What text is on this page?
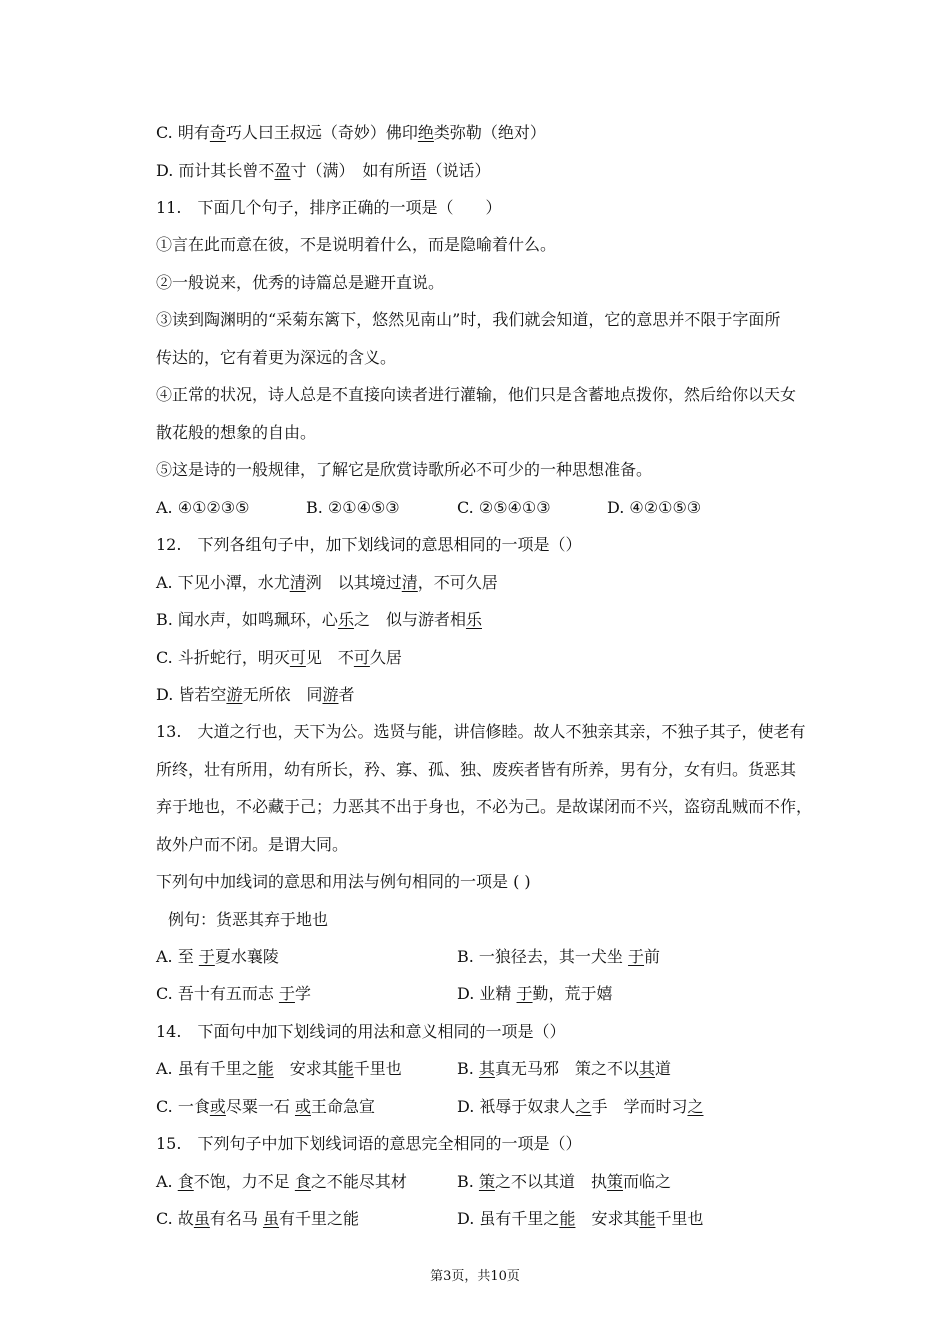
C. 明有奇巧人曰王叔远（奇妙）佛印绝类弥勒（绝对）
D. 而计其长曾不盈寸（满）　如有所语（说话）
11.　下面几个句子，排序正确的一项是（　　）
①言在此而意在彼，不是说明着什么，而是隐喻着什么。
②一般说来，优秀的诗篇总是避开直说。
③读到陶渊明的“采菊东篱下，悠然见南山”时，我们就会知道，它的意思并不限于字面所
传达的，它有着更为深远的含义。
④正常的状况，诗人总是不直接向读者进行灌输，他们只是含蓄地点拨你，然后给你以天女
散花般的想象的自由。
⑤这是诗的一般规律，了解它是欣赏诗歌所必不可少的一种思想准备。
A. ④①②③⑤	B. ②①④⑤③	C. ②⑤④①③	D. ④②①⑤③
12.　下列各组句子中，加下划线词的意思相同的一项是（）
A. 下见小潭，水尤清洌　以其境过清，不可久居
B. 闻水声，如鸣珮环，心乐之　似与游者相乐
C. 斗折蛇行，明灭可见　不可久居
D. 皆若空游无所依　同游者
13.　大道之行也，天下为公。选贤与能，讲信修睦。故人不独亲其亲，不独子其子，使老有
所终，壮有所用，幼有所长，矜、寡、孤、独、废疾者皆有所养，男有分，女有归。货恶其
弃于地也，不必藏于己；力恶其不出于身也，不必为己。是故谋闭而不兴，盗窃乱贼而不作，
故外户而不闭。是谓大同。
下列句中加线词的意思和用法与例句相同的一项是 ( )
例句：货恶其弃于地也
A. 至 于夏水襄陵	B. 一狼径去，其一犬坐 于前
C. 吾十有五而志 于学	D. 业精 于勤，荒于嬉
14.　下面句中加下划线词的用法和意义相同的一项是（）
A. 虽有千里之能　安求其能千里也	B. 其真无马邪　策之不以其道
C. 一食或尽粟一石 或王命急宣	D. 衹辱于奴隶人之手　学而时习之
15.　下列句子中加下划线词语的意思完全相同的一项是（）
A. 食不饱，力不足 食之不能尽其材	B. 策之不以其道　执策而临之
C. 故虽有名马 虽有千里之能	D. 虽有千里之能　安求其能千里也
第3页，共10页
